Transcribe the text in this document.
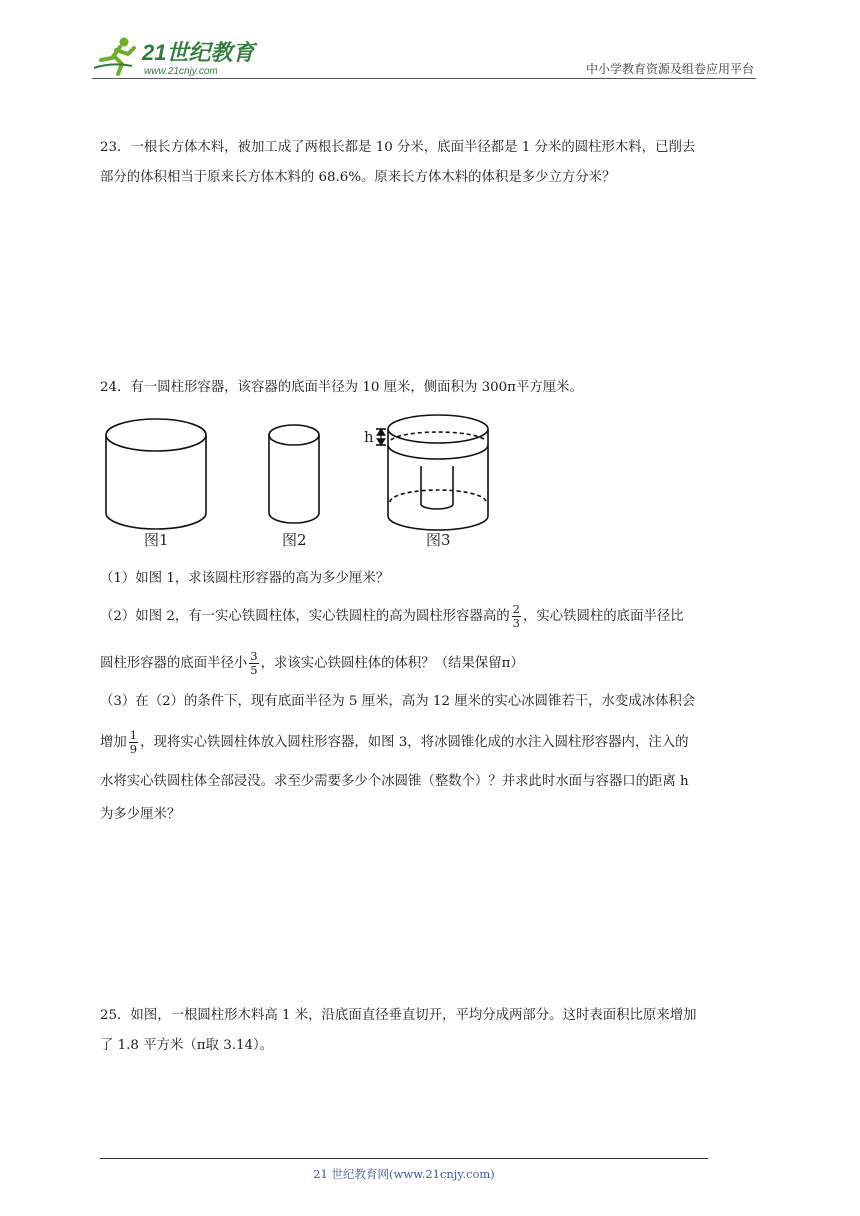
21世纪教育
www.21cnjy.com	中小学教育资源及组卷应用平台
23．一根长方体木料，被加工成了两根长都是 10 分米，底面半径都是 1 分米的圆柱形木料，已削去
部分的体积相当于原来长方体木料的 68.6%。原来长方体木料的体积是多少立方分米？
24．有一圆柱形容器，该容器的底面半径为 10 厘米，侧面积为 300π平方厘米。
h
图1	图2	图3
（1）如图 1，求该圆柱形容器的高为多少厘米？
（2）如图 2，有一实心铁圆柱体，实心铁圆柱的高为圆柱形容器高的 $\frac{2}{3}$ ，实心铁圆柱的底面半径比
圆柱形容器的底面半径小 $\frac{3}{5}$ ，求该实心铁圆柱体的体积？（结果保留π）
（3）在（2）的条件下，现有底面半径为 5 厘米，高为 12 厘米的实心冰圆锥若干，水变成冰体积会
增加 $\frac{1}{9}$ ，现将实心铁圆柱体放入圆柱形容器，如图 3，将冰圆锥化成的水注入圆柱形容器内，注入的
水将实心铁圆柱体全部浸没。求至少需要多少个冰圆锥（整数个）？并求此时水面与容器口的距离 h
为多少厘米？
25．如图，一根圆柱形木料高 1 米，沿底面直径垂直切开，平均分成两部分。这时表面积比原来增加
了 1.8 平方米（π取 3.14）。
21 世纪教育网(www.21cnjy.com)
